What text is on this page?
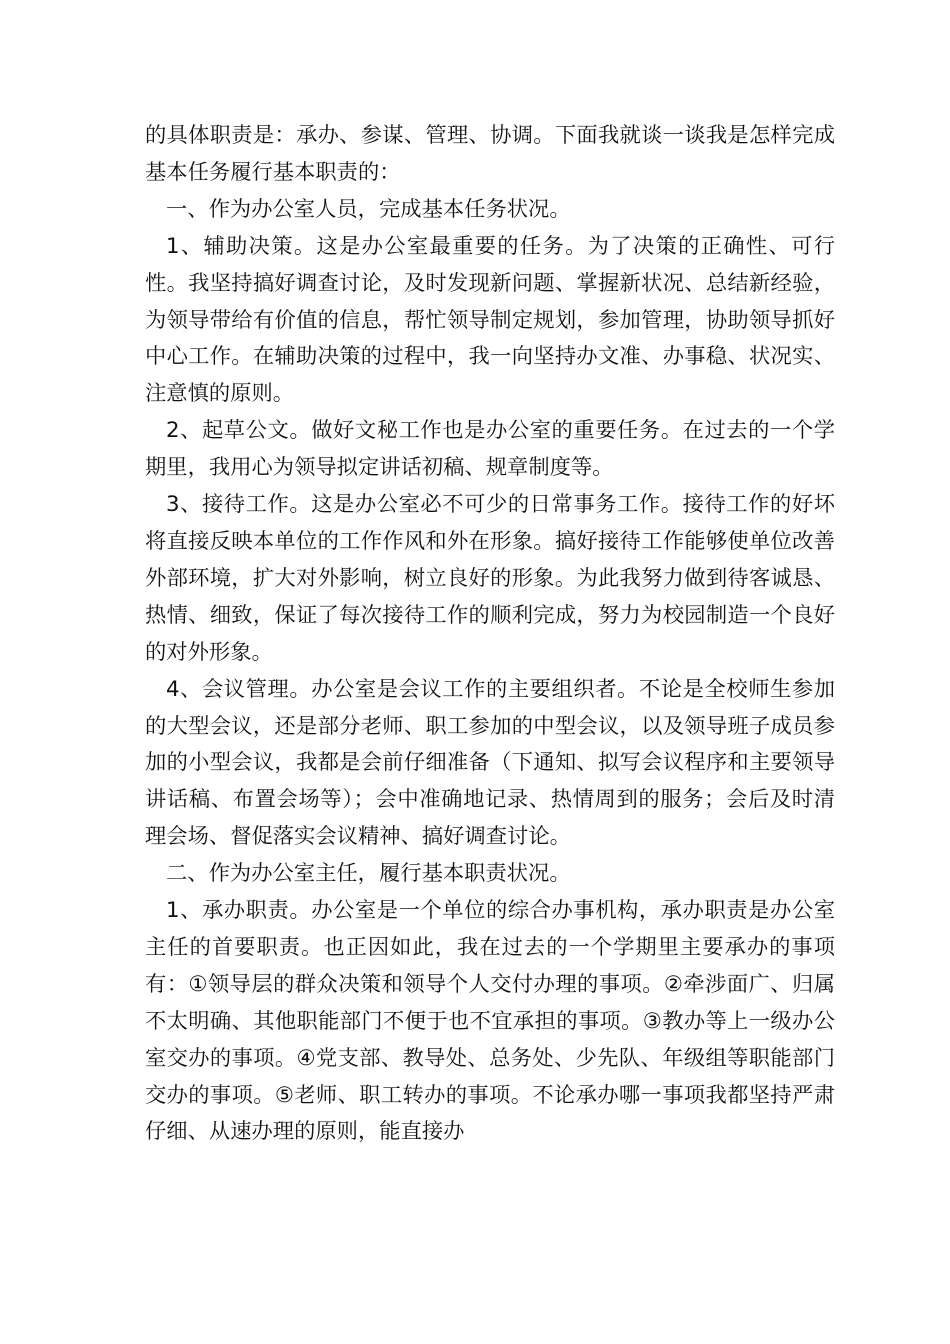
的具体职责是：承办、参谋、管理、协调。下面我就谈一谈我是怎样完成基本任务履行基本职责的：

一、作为办公室人员，完成基本任务状况。

1、辅助决策。这是办公室最重要的任务。为了决策的正确性、可行性。我坚持搞好调查讨论，及时发现新问题、掌握新状况、总结新经验，为领导带给有价值的信息，帮忙领导制定规划，参加管理，协助领导抓好中心工作。在辅助决策的过程中，我一向坚持办文准、办事稳、状况实、注意慎的原则。

2、起草公文。做好文秘工作也是办公室的重要任务。在过去的一个学期里，我用心为领导拟定讲话初稿、规章制度等。

3、接待工作。这是办公室必不可少的日常事务工作。接待工作的好坏将直接反映本单位的工作作风和外在形象。搞好接待工作能够使单位改善外部环境，扩大对外影响，树立良好的形象。为此我努力做到待客诚恳、热情、细致，保证了每次接待工作的顺利完成，努力为校园制造一个良好的对外形象。

4、会议管理。办公室是会议工作的主要组织者。不论是全校师生参加的大型会议，还是部分老师、职工参加的中型会议，以及领导班子成员参加的小型会议，我都是会前仔细准备（下通知、拟写会议程序和主要领导讲话稿、布置会场等）；会中准确地记录、热情周到的服务；会后及时清理会场、督促落实会议精神、搞好调查讨论。

二、作为办公室主任，履行基本职责状况。

1、承办职责。办公室是一个单位的综合办事机构，承办职责是办公室主任的首要职责。也正因如此，我在过去的一个学期里主要承办的事项有：①领导层的群众决策和领导个人交付办理的事项。②牵涉面广、归属不太明确、其他职能部门不便于也不宜承担的事项。③教办等上一级办公室交办的事项。④党支部、教导处、总务处、少先队、年级组等职能部门交办的事项。⑤老师、职工转办的事项。不论承办哪一事项我都坚持严肃仔细、从速办理的原则，能直接办
